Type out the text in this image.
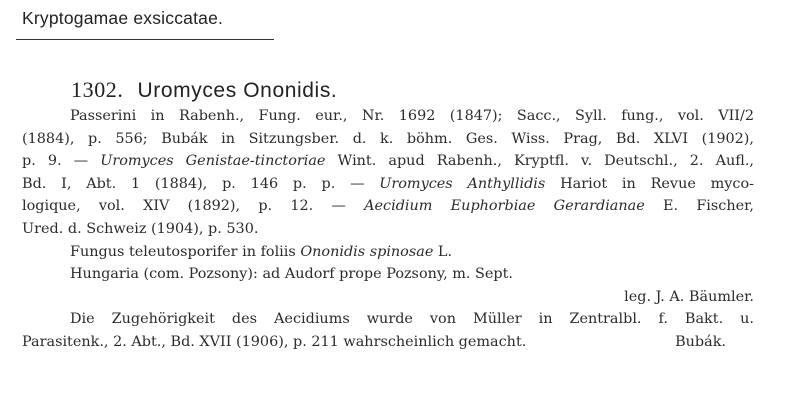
Kryptogamae exsiccatae.
1302. Uromyces Ononidis.
Passerini in Rabenh., Fung. eur., Nr. 1692 (1847); Sacc., Syll. fung., vol. VII/2
(1884), p. 556; Bubák in Sitzungsber. d. k. böhm. Ges. Wiss. Prag, Bd. XLVI (1902),
p. 9. — Uromyces Genistae-tinctoriae Wint. apud Rabenh., Kryptfl. v. Deutschl., 2. Aufl.,
Bd. I, Abt. 1 (1884), p. 146 p. p. — Uromyces Anthyllidis Hariot in Revue myco-
logique, vol. XIV (1892), p. 12. — Aecidium Euphorbiae Gerardianae E. Fischer,
Ured. d. Schweiz (1904), p. 530.
Fungus teleutosporifer in foliis Ononidis spinosae L.
Hungaria (com. Pozsony): ad Audorf prope Pozsony, m. Sept.
leg. J. A. Bäumler.
Die Zugehörigkeit des Aecidiums wurde von Müller in Zentralbl. f. Bakt. u.
Parasitenk., 2. Abt., Bd. XVII (1906), p. 211 wahrscheinlich gemacht.	Bubák.
